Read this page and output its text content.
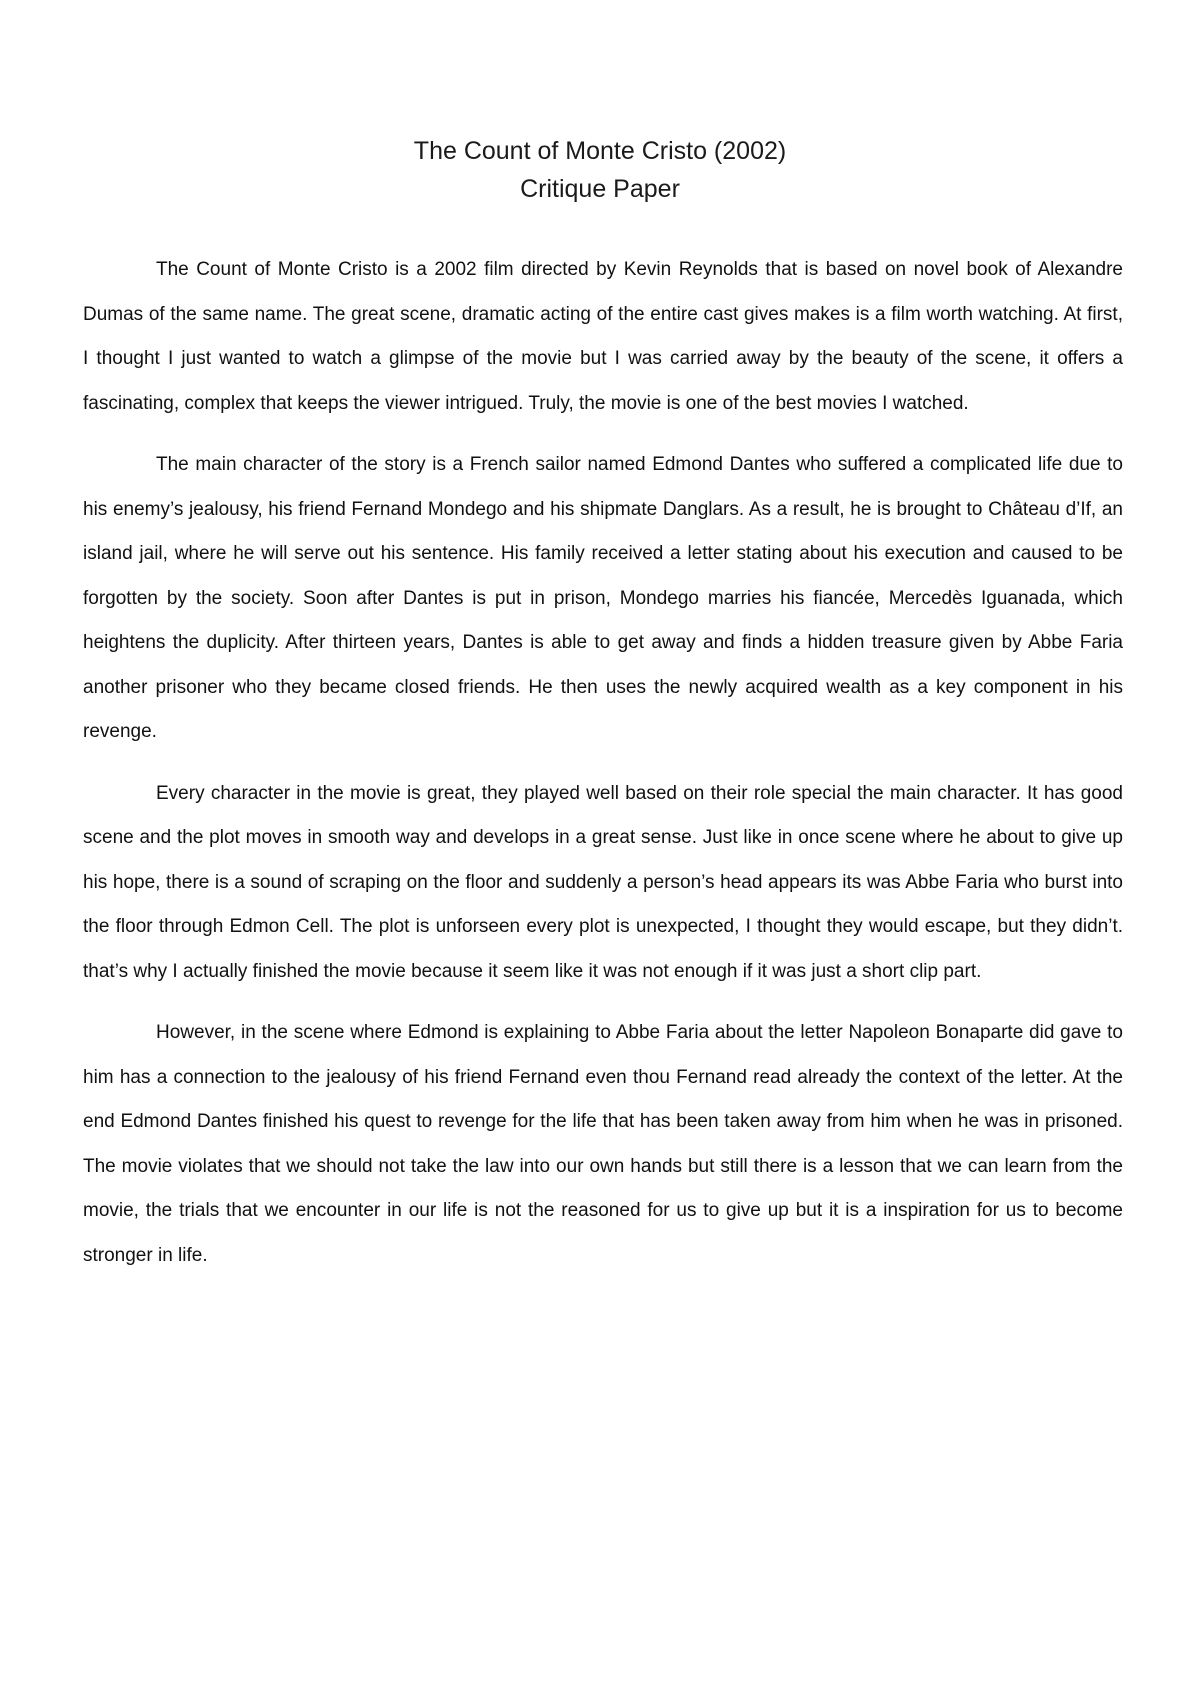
The Count of Monte Cristo (2002)
Critique Paper

The Count of Monte Cristo is a 2002 film directed by Kevin Reynolds that is based on novel book of Alexandre Dumas of the same name. The great scene, dramatic acting of the entire cast gives makes is a film worth watching. At first, I thought I just wanted to watch a glimpse of the movie but I was carried away by the beauty of the scene, it offers a fascinating, complex that keeps the viewer intrigued. Truly, the movie is one of the best movies I watched.

The main character of the story is a French sailor named Edmond Dantes who suffered a complicated life due to his enemy’s jealousy, his friend Fernand Mondego and his shipmate Danglars. As a result, he is brought to Château d’If, an island jail, where he will serve out his sentence. His family received a letter stating about his execution and caused to be forgotten by the society. Soon after Dantes is put in prison, Mondego marries his fiancée, Mercedès Iguanada, which heightens the duplicity. After thirteen years, Dantes is able to get away and finds a hidden treasure given by Abbe Faria another prisoner who they became closed friends. He then uses the newly acquired wealth as a key component in his revenge.

Every character in the movie is great, they played well based on their role special the main character. It has good scene and the plot moves in smooth way and develops in a great sense. Just like in once scene where he about to give up his hope, there is a sound of scraping on the floor and suddenly a person’s head appears its was Abbe Faria who burst into the floor through Edmon Cell. The plot is unforseen every plot is unexpected, I thought they would escape, but they didn’t. that’s why I actually finished the movie because it seem like it was not enough if it was just a short clip part.

However, in the scene where Edmond is explaining to Abbe Faria about the letter Napoleon Bonaparte did gave to him has a connection to the jealousy of his friend Fernand even thou Fernand read already the context of the letter. At the end Edmond Dantes finished his quest to revenge for the life that has been taken away from him when he was in prisoned. The movie violates that we should not take the law into our own hands but still there is a lesson that we can learn from the movie, the trials that we encounter in our life is not the reasoned for us to give up but it is a inspiration for us to become stronger in life.
